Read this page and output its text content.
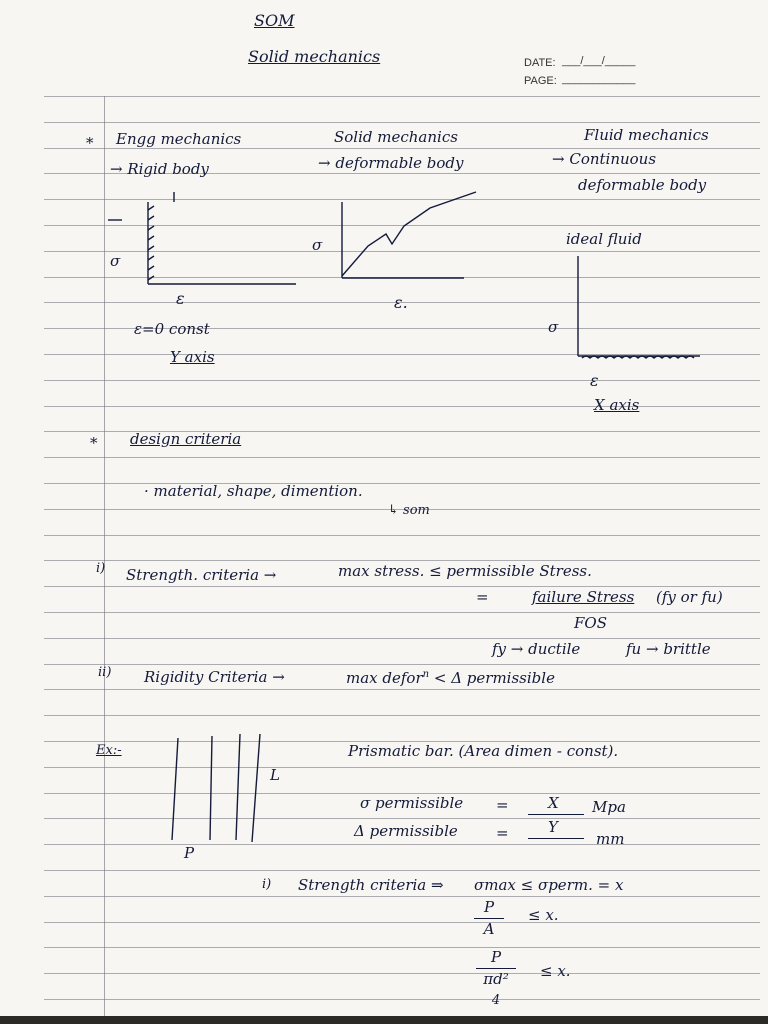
SOM
Solid mechanics	DATE: ___/___/_____
PAGE: ____________
* Engg mechanics	Solid mechanics	Fluid mechanics
→ Rigid body	→ deformable body	→ Continuous
deformable body
σ
ε
ε=0 const
Y axis
σ
ε.
ideal fluid
σ
ε
X axis
* design criteria
· material, shape, dimention.
↳ som
i) Strength. criteria →	max stress. ≤ permissible Stress.
=	failure Stress (fy or fu)
FOS
fy → ductile	fu → brittle
ii) Rigidity Criteria →	max defor$^n$ < Δ permissible
Ex:-
L
P
Prismatic bar. (Area dimen - const).
σ permissible =	X Mpa
Δ permissible	=	Y
mm
i) Strength criteria ⇒ σmax ≤ σperm. = x
P
A
≤ x.
P
πd²
4
≤ x.
